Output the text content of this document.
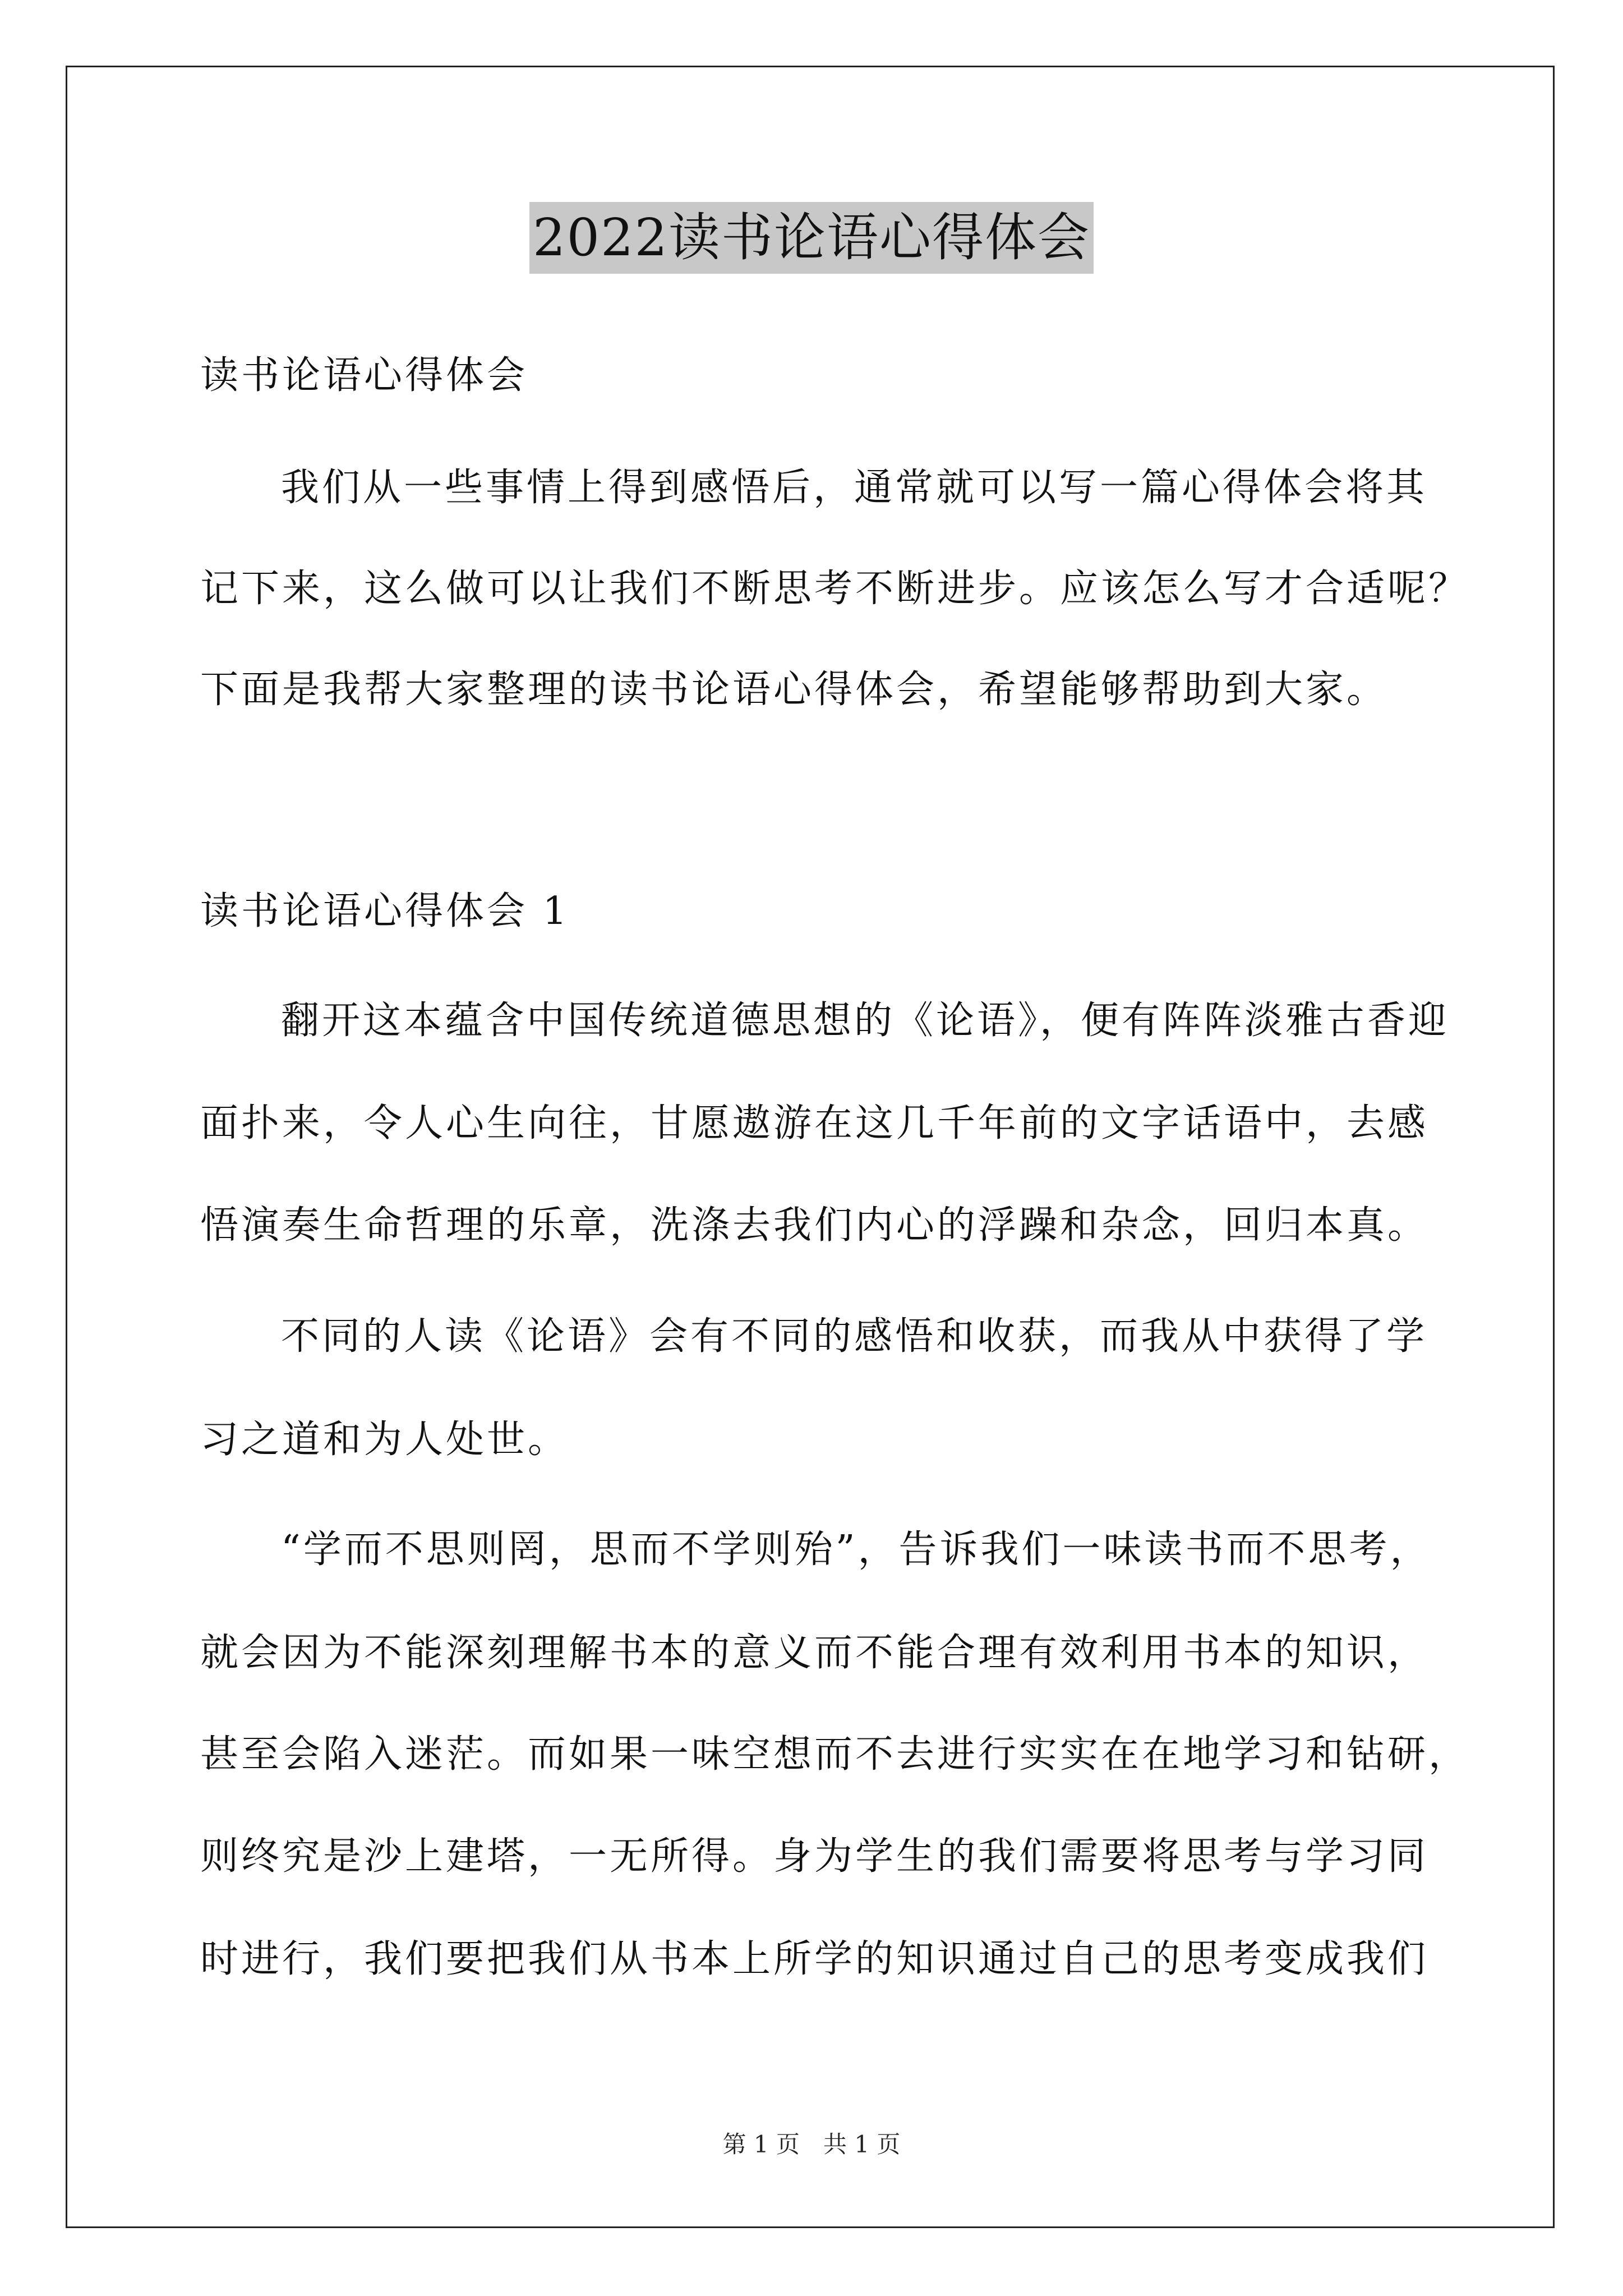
2022读书论语心得体会
读书论语心得体会
我们从一些事情上得到感悟后，通常就可以写一篇心得体会将其
记下来，这么做可以让我们不断思考不断进步。应该怎么写才合适呢？
下面是我帮大家整理的读书论语心得体会，希望能够帮助到大家。
读书论语心得体会 1
翻开这本蕴含中国传统道德思想的《论语》，便有阵阵淡雅古香迎
面扑来，令人心生向往，甘愿遨游在这几千年前的文字话语中，去感
悟演奏生命哲理的乐章，洗涤去我们内心的浮躁和杂念，回归本真。
不同的人读《论语》会有不同的感悟和收获，而我从中获得了学
习之道和为人处世。
“学而不思则罔，思而不学则殆”，告诉我们一味读书而不思考，
就会因为不能深刻理解书本的意义而不能合理有效利用书本的知识，
甚至会陷入迷茫。而如果一味空想而不去进行实实在在地学习和钻研，
则终究是沙上建塔，一无所得。身为学生的我们需要将思考与学习同
时进行，我们要把我们从书本上所学的知识通过自己的思考变成我们
第 1 页　共 1 页
